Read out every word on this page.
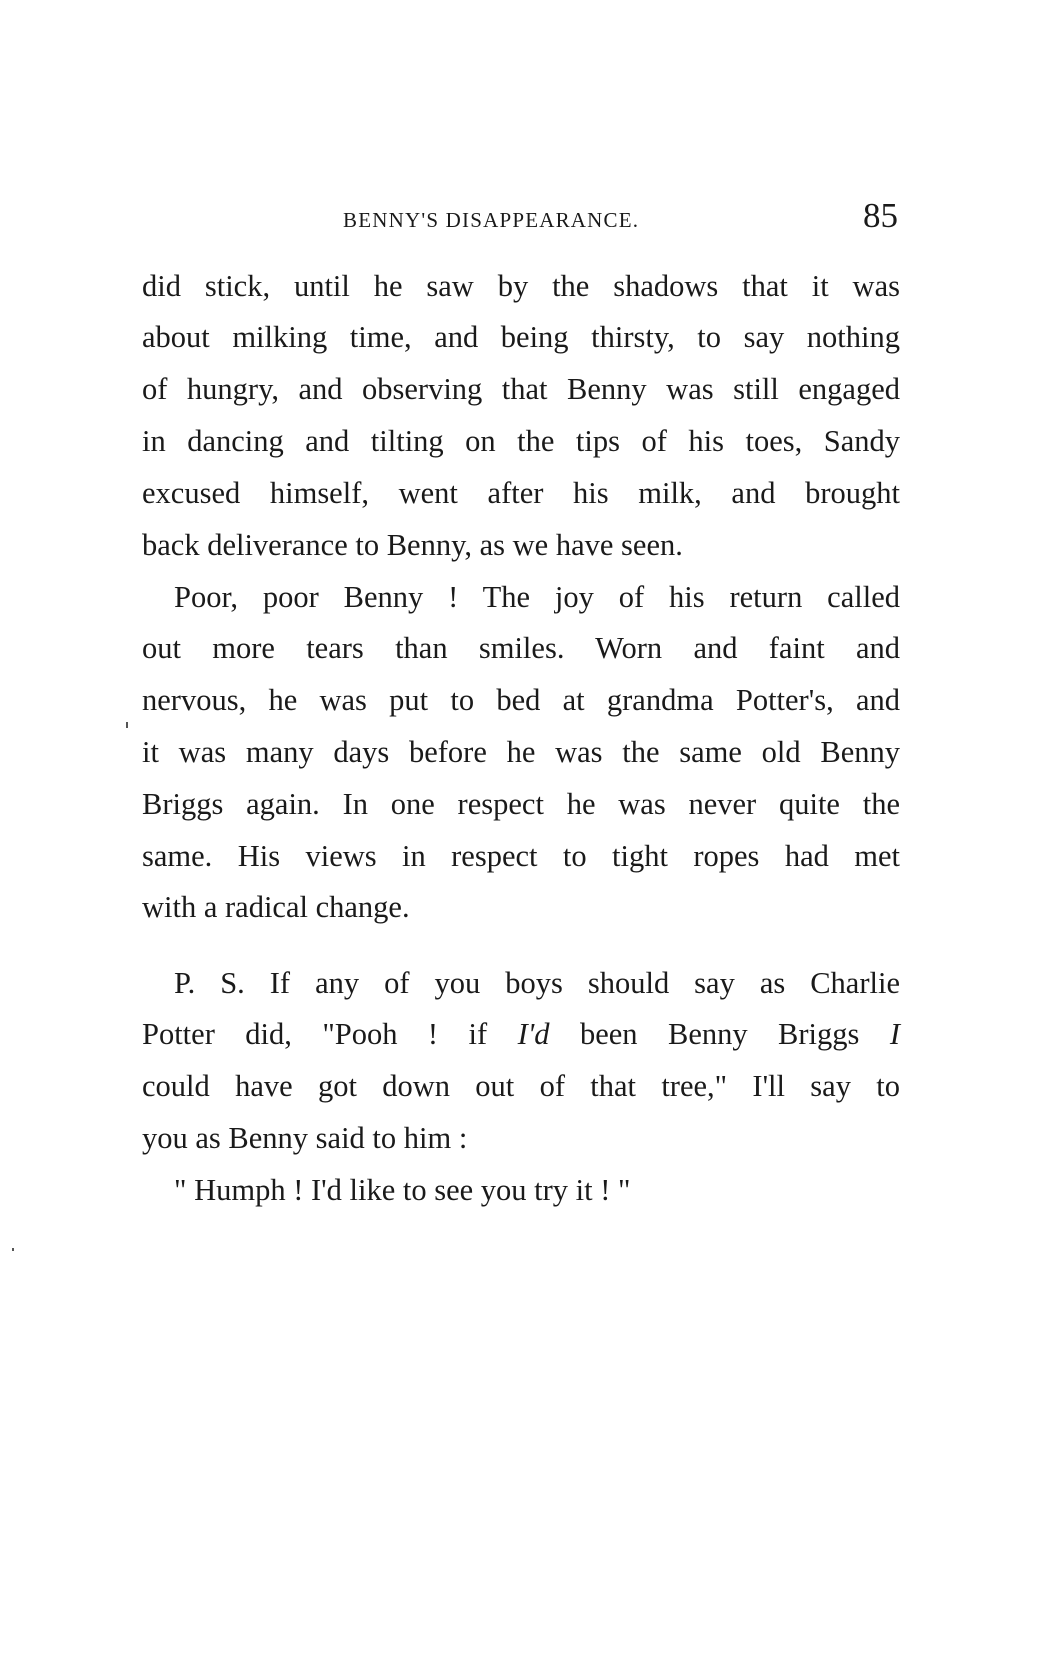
BENNY'S DISAPPEARANCE.	85
did stick, until he saw by the shadows that it was
about milking time, and being thirsty, to say nothing
of hungry, and observing that Benny was still engaged
in dancing and tilting on the tips of his toes, Sandy
excused himself, went after his milk, and brought
back deliverance to Benny, as we have seen.
Poor, poor Benny ! The joy of his return called
out more tears than smiles. Worn and faint and
nervous, he was put to bed at grandma Potter's, and
it was many days before he was the same old Benny
Briggs again. In one respect he was never quite the
same. His views in respect to tight ropes had met
with a radical change.
P. S. If any of you boys should say as Charlie
Potter did, "Pooh ! if I'd been Benny Briggs I
could have got down out of that tree," I'll say to
you as Benny said to him :
" Humph ! I'd like to see you try it ! "
